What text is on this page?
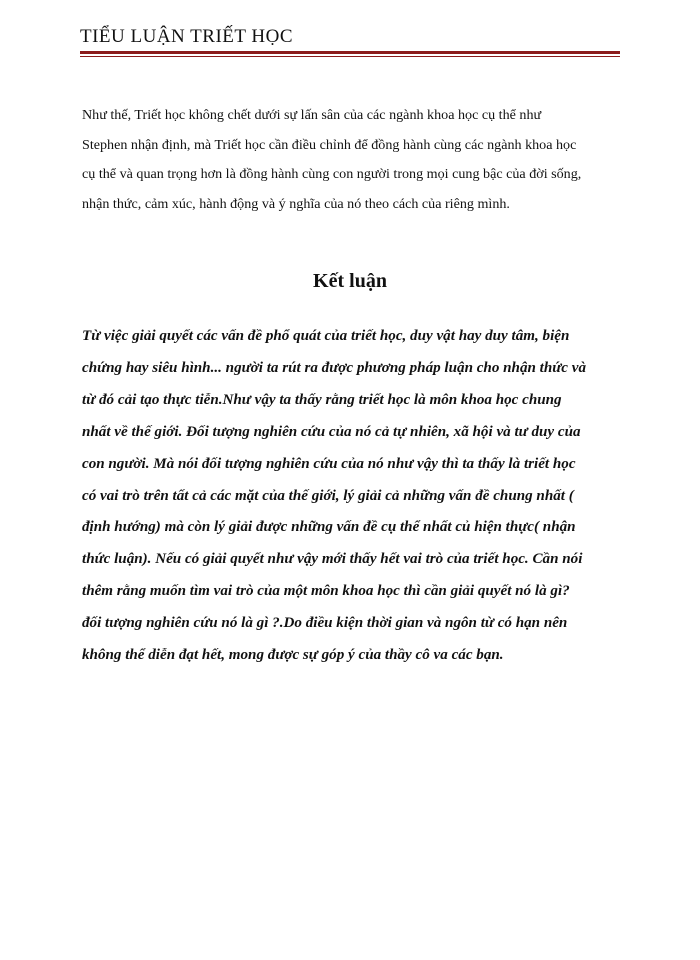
TIỂU LUẬN TRIẾT HỌC

Như thế, Triết học không chết dưới sự lấn sân của các ngành khoa học cụ thể như
Stephen nhận định, mà Triết học cần điều chỉnh để đồng hành cùng các ngành khoa học
cụ thể và quan trọng hơn là đồng hành cùng con người trong mọi cung bậc của đời sống,
nhận thức, cảm xúc, hành động và ý nghĩa của nó theo cách của riêng mình.

Kết luận

Từ việc giải quyết các vấn đề phổ quát của triết học, duy vật hay duy tâm, biện
chứng hay siêu hình... người ta rút ra được phương pháp luận cho nhận thức và
từ đó cải tạo thực tiễn.Như vậy ta thấy rằng triết học là môn khoa học chung
nhất về thế giới. Đối tượng nghiên cứu của nó cả tự nhiên, xã hội và tư duy của
con người. Mà nói đối tượng nghiên cứu của nó như vậy thì ta thấy là triết học
có vai trò trên tất cả các mặt của thế giới, lý giải cả những vấn đề chung nhất (
định hướng) mà còn lý giải được những vấn đề cụ thể nhất củ hiện thực( nhận
thức luận). Nếu có giải quyết như vậy mới thấy hết vai trò của triết học. Cần nói
thêm rằng muốn tìm vai trò của một môn khoa học thì cần giải quyết nó là gì?
đối tượng nghiên cứu nó là gì ?.Do điều kiện thời gian và ngôn từ có hạn nên
không thể diễn đạt hết, mong được sự góp ý của thầy cô va các bạn.
